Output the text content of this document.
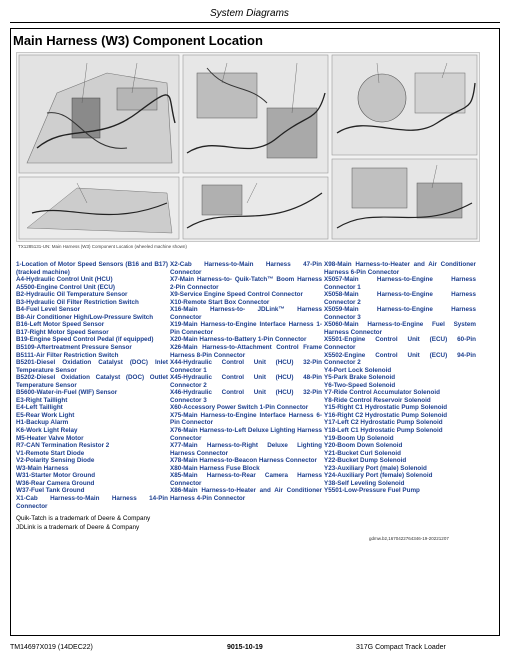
System Diagrams
Main Harness (W3) Component Location
TX1285131-UN: Main Harness (W3) Component Location (wheeled machine shown)
1-Location of Motor Speed Sensors (B16 and B17) (tracked machine)
A4-Hydraulic Control Unit (HCU)
A5500-Engine Control Unit (ECU)
B2-Hydraulic Oil Temperature Sensor
B3-Hydraulic Oil Filter Restriction Switch
B4-Fuel Level Sensor
B8-Air Conditioner High/Low-Pressure Switch
B16-Left Motor Speed Sensor
B17-Right Motor Speed Sensor
B19-Engine Speed Control Pedal (if equipped)
B5109-Aftertreatment Pressure Sensor
B5111-Air Filter Restriction Switch
B5201-Diesel Oxidation Catalyst (DOC) Inlet Temperature Sensor
B5202-Diesel Oxidation Catalyst (DOC) Outlet Temperature Sensor
B5600-Water-in-Fuel (WIF) Sensor
E3-Right Taillight
E4-Left Taillight
E5-Rear Work Light
H1-Backup Alarm
K6-Work Light Relay
M5-Heater Valve Motor
R7-CAN Termination Resistor 2
V1-Remote Start Diode
V2-Polarity Sensing Diode
W3-Main Harness
W31-Starter Motor Ground
W36-Rear Camera Ground
W37-Fuel Tank Ground
X1-Cab Harness-to-Main Harness 14-Pin Connector
X2-Cab Harness-to-Main Harness 47-Pin Connector
X7-Main Harness-to- Quik-Tatch™ Boom Harness 2-Pin Connector
X9-Service Engine Speed Control Connector
X10-Remote Start Box Connector
X16-Main Harness-to- JDLink™ Harness Connector
X19-Main Harness-to-Engine Interface Harness 1-Pin Connector
X20-Main Harness-to-Battery 1-Pin Connector
X26-Main Harness-to-Attachment Control Frame Harness 8-Pin Connector
X44-Hydraulic Control Unit (HCU) 32-Pin Connector 1
X45-Hydraulic Control Unit (HCU) 48-Pin Connector 2
X46-Hydraulic Control Unit (HCU) 32-Pin Connector 3
X60-Accessory Power Switch 1-Pin Connector
X75-Main Harness-to-Engine Interface Harness 6-Pin Connector
X76-Main Harness-to-Left Deluxe Lighting Harness Connector
X77-Main Harness-to-Right Deluxe Lighting Harness Connector
X78-Main Harness-to-Beacon Harness Connector
X80-Main Harness Fuse Block
X85-Main Harness-to-Rear Camera Harness Connector
X86-Main Harness-to-Heater and Air Conditioner Harness 4-Pin Connector
X98-Main Harness-to-Heater and Air Conditioner Harness 6-Pin Connector
X5057-Main Harness-to-Engine Harness Connector 1
X5058-Main Harness-to-Engine Harness Connector 2
X5059-Main Harness-to-Engine Harness Connector 3
X5060-Main Harness-to-Engine Fuel System Harness Connector
X5501-Engine Control Unit (ECU) 60-Pin Connector
X5502-Engine Control Unit (ECU) 94-Pin Connector 2
Y4-Port Lock Solenoid
Y5-Park Brake Solenoid
Y6-Two-Speed Solenoid
Y7-Ride Control Accumulator Solenoid
Y8-Ride Control Reservoir Solenoid
Y15-Right C1 Hydrostatic Pump Solenoid
Y16-Right C2 Hydrostatic Pump Solenoid
Y17-Left C2 Hydrostatic Pump Solenoid
Y18-Left C1 Hydrostatic Pump Solenoid
Y19-Boom Up Solenoid
Y20-Boom Down Solenoid
Y21-Bucket Curl Solenoid
Y22-Bucket Dump Solenoid
Y23-Auxiliary Port (male) Solenoid
Y24-Auxiliary Port (female) Solenoid
Y38-Self Leveling Solenoid
Y5501-Low-Pressure Fuel Pump
Quik-Tatch is a trademark of Deere & Company
JDLink is a trademark of Deere & Company
gdmw.b2,1670422764346-19-20221207
TM14697X019 (14DEC22)	9015-10-19	317G Compact Track Loader
